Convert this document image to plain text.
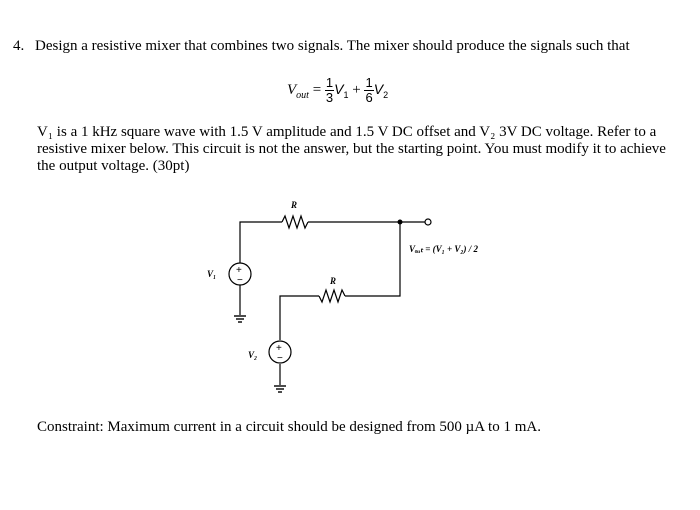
4. Design a resistive mixer that combines two signals. The mixer should produce the signals such that
$V_{out} = \frac{1}{3} V_1 + \frac{1}{6} V_2$
V₁ is a 1 kHz square wave with 1.5 V amplitude and 1.5 V DC offset and V₂ 3V DC voltage. Refer to a resistive mixer below. This circuit is not the answer, but the starting point. You must modify it to achieve the output voltage. (30pt)
+
−
+
−
R
R
V₁
V₂
Vₒᵤₜ = (V₁ + V₂) / 2
Constraint: Maximum current in a circuit should be designed from 500 µA to 1 mA.
